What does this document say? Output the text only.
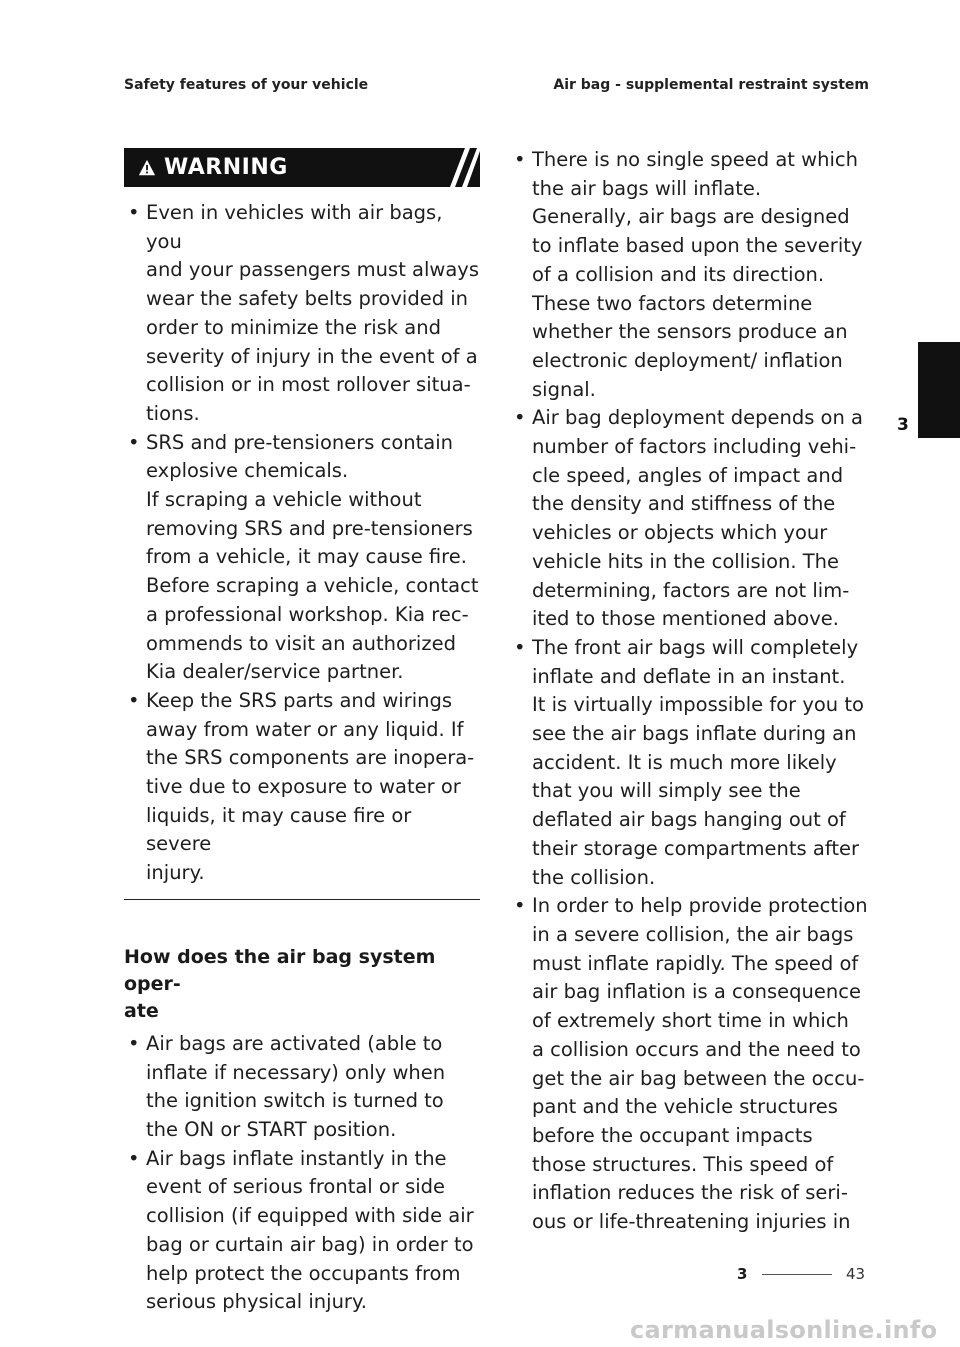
Safety features of your vehicle	Air bag - supplemental restraint system
WARNING
• Even in vehicles with air bags, you
and your passengers must always
wear the safety belts provided in
order to minimize the risk and
severity of injury in the event of a
collision or in most rollover situa-
tions.
• SRS and pre-tensioners contain
explosive chemicals.
If scraping a vehicle without
removing SRS and pre-tensioners
from a vehicle, it may cause fire.
Before scraping a vehicle, contact
a professional workshop. Kia rec-
ommends to visit an authorized
Kia dealer/service partner.
• Keep the SRS parts and wirings
away from water or any liquid. If
the SRS components are inopera-
tive due to exposure to water or
liquids, it may cause fire or severe
injury.
How does the air bag system oper-
ate
• Air bags are activated (able to
inflate if necessary) only when
the ignition switch is turned to
the ON or START position.
• Air bags inflate instantly in the
event of serious frontal or side
collision (if equipped with side air
bag or curtain air bag) in order to
help protect the occupants from
serious physical injury.
• There is no single speed at which
the air bags will inflate.
Generally, air bags are designed
to inflate based upon the severity
of a collision and its direction.
These two factors determine
whether the sensors produce an
electronic deployment/ inflation
signal.
• Air bag deployment depends on a
number of factors including vehi-
cle speed, angles of impact and
the density and stiffness of the
vehicles or objects which your
vehicle hits in the collision. The
determining, factors are not lim-
ited to those mentioned above.
• The front air bags will completely
inflate and deflate in an instant.
It is virtually impossible for you to
see the air bags inflate during an
accident. It is much more likely
that you will simply see the
deflated air bags hanging out of
their storage compartments after
the collision.
• In order to help provide protection
in a severe collision, the air bags
must inflate rapidly. The speed of
air bag inflation is a consequence
of extremely short time in which
a collision occurs and the need to
get the air bag between the occu-
pant and the vehicle structures
before the occupant impacts
those structures. This speed of
inflation reduces the risk of seri-
ous or life-threatening injuries in
3
3	43
carmanualsonline.info
